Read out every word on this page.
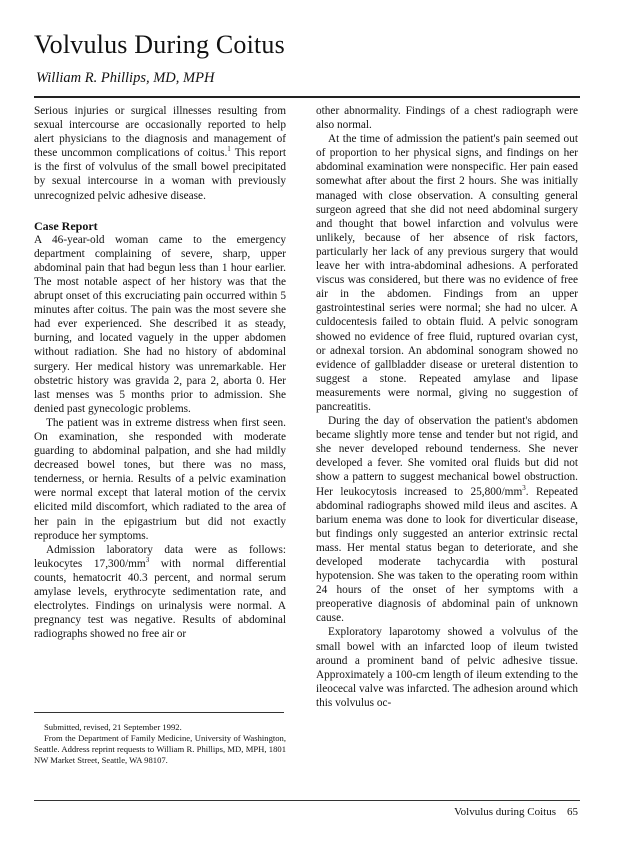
Volvulus During Coitus

William R. Phillips, MD, MPH

Serious injuries or surgical illnesses resulting from sexual intercourse are occasionally reported to help alert physicians to the diagnosis and management of these uncommon complications of coitus.$^1$ This report is the first of volvulus of the small bowel precipitated by sexual intercourse in a woman with previously unrecognized pelvic adhesive disease.

Case Report

A 46-year-old woman came to the emergency department complaining of severe, sharp, upper abdominal pain that had begun less than 1 hour earlier. The most notable aspect of her history was that the abrupt onset of this excruciating pain occurred within 5 minutes after coitus. The pain was the most severe she had ever experienced. She described it as steady, burning, and located vaguely in the upper abdomen without radiation. She had no history of abdominal surgery. Her medical history was unremarkable. Her obstetric history was gravida 2, para 2, aborta 0. Her last menses was 5 months prior to admission. She denied past gynecologic problems.

The patient was in extreme distress when first seen. On examination, she responded with moderate guarding to abdominal palpation, and she had mildly decreased bowel tones, but there was no mass, tenderness, or hernia. Results of a pelvic examination were normal except that lateral motion of the cervix elicited mild discomfort, which radiated to the area of her pain in the epigastrium but did not exactly reproduce her symptoms.

Admission laboratory data were as follows: leukocytes $17,300/mm^3$ with normal differential counts, hematocrit 40.3 percent, and normal serum amylase levels, erythrocyte sedimentation rate, and electrolytes. Findings on urinalysis were normal. A pregnancy test was negative. Results of abdominal radiographs showed no free air or

other abnormality. Findings of a chest radiograph were also normal.

At the time of admission the patient's pain seemed out of proportion to her physical signs, and findings on her abdominal examination were nonspecific. Her pain eased somewhat after about the first 2 hours. She was initially managed with close observation. A consulting general surgeon agreed that she did not need abdominal surgery and thought that bowel infarction and volvulus were unlikely, because of her absence of risk factors, particularly her lack of any previous surgery that would leave her with intra-abdominal adhesions. A perforated viscus was considered, but there was no evidence of free air in the abdomen. Findings from an upper gastrointestinal series were normal; she had no ulcer. A culdocentesis failed to obtain fluid. A pelvic sonogram showed no evidence of free fluid, ruptured ovarian cyst, or adnexal torsion. An abdominal sonogram showed no evidence of gallbladder disease or ureteral distention to suggest a stone. Repeated amylase and lipase measurements were normal, giving no suggestion of pancreatitis.

During the day of observation the patient's abdomen became slightly more tense and tender but not rigid, and she never developed rebound tenderness. She never developed a fever. She vomited oral fluids but did not show a pattern to suggest mechanical bowel obstruction. Her leukocytosis increased to $25,800/mm^3$. Repeated abdominal radiographs showed mild ileus and ascites. A barium enema was done to look for diverticular disease, but findings only suggested an anterior extrinsic rectal mass. Her mental status began to deteriorate, and she developed moderate tachycardia with postural hypotension. She was taken to the operating room within 24 hours of the onset of her symptoms with a preoperative diagnosis of abdominal pain of unknown cause.

Exploratory laparotomy showed a volvulus of the small bowel with an infarcted loop of ileum twisted around a prominent band of pelvic adhesive tissue. Approximately a 100-cm length of ileum extending to the ileocecal valve was infarcted. The adhesion around which this volvulus oc-

Submitted, revised, 21 September 1992.

From the Department of Family Medicine, University of Washington, Seattle. Address reprint requests to William R. Phillips, MD, MPH, 1801 NW Market Street, Seattle, WA 98107.

Volvulus during Coitus 65
